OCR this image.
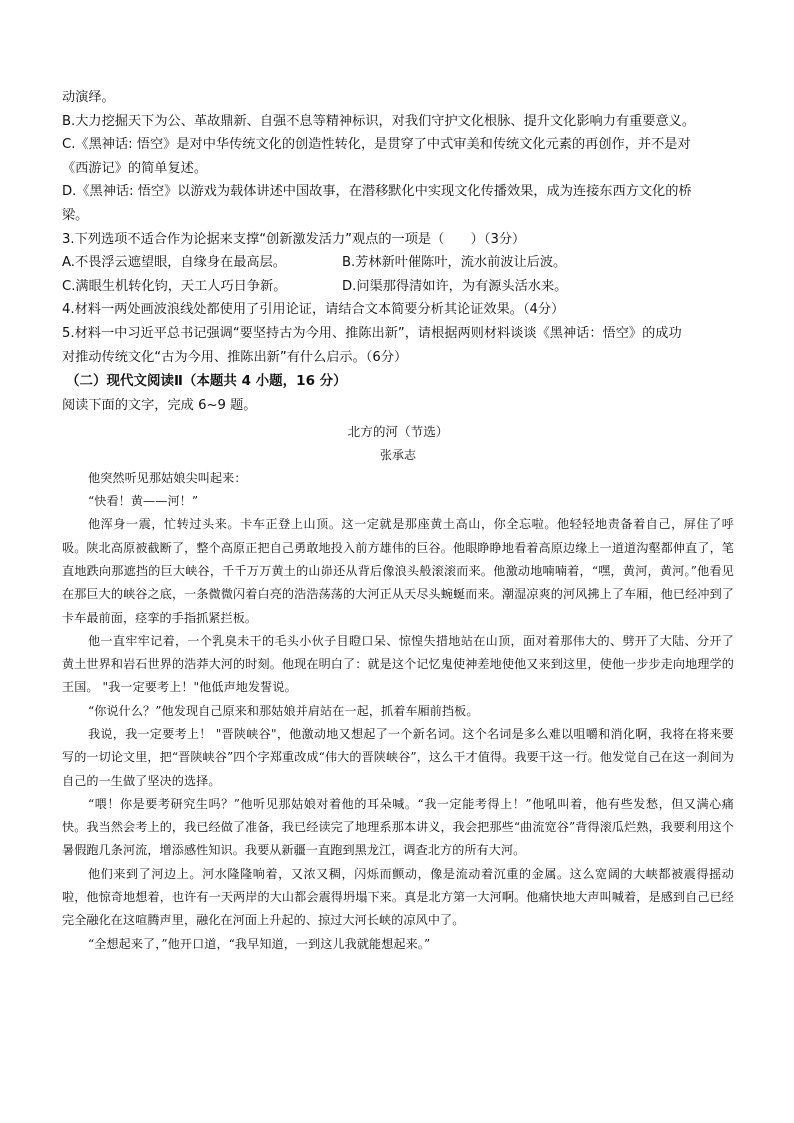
动演绎。

B.大力挖掘天下为公、革故鼎新、自强不息等精神标识，对我们守护文化根脉、提升文化影响力有重要意义。

C.《黑神话: 悟空》是对中华传统文化的创造性转化，是贯穿了中式审美和传统文化元素的再创作，并不是对

《西游记》的简单复述。

D.《黑神话: 悟空》以游戏为载体讲述中国故事，在潜移默化中实现文化传播效果，成为连接东西方文化的桥

梁。

3.下列选项不适合作为论据来支撑“创新激发活力”观点的一项是（　　）（3分）

A.不畏浮云遮望眼，自缘身在最高层。	B.芳林新叶催陈叶，流水前波让后波。
C.满眼生机转化钧，天工人巧日争新。	D.问渠那得清如许，为有源头活水来。

4.材料一两处画波浪线处都使用了引用论证，请结合文本简要分析其论证效果。（4分）

5.材料一中习近平总书记强调“要坚持古为今用、推陈出新”，请根据两则材料谈谈《黑神话：悟空》的成功

对推动传统文化“古为今用、推陈出新”有什么启示。（6分）

（二）现代文阅读Ⅱ（本题共 4 小题，16 分）

阅读下面的文字，完成 6~9 题。

北方的河（节选）

张承志

他突然听见那姑娘尖叫起来：

“快看！黄——河！”

他浑身一震，忙转过头来。卡车正登上山顶。这一定就是那座黄土高山，你全忘啦。他轻轻地责备着自己，屏住了呼吸。陕北高原被截断了，整个高原正把自己勇敢地投入前方雄伟的巨谷。他眼睁睁地看着高原边缘上一道道沟壑都伸直了，笔直地跌向那遮挡的巨大峡谷，千千万万黄土的山峁还从背后像浪头般滚滚而来。他激动地喃喃着，“嘿，黄河，黄河。”他看见在那巨大的峡谷之底，一条微微闪着白亮的浩浩荡荡的大河正从天尽头蜿蜒而来。潮湿凉爽的河风拂上了车厢，他已经冲到了卡车最前面，痉挛的手指抓紧拦板。

他一直牢牢记着，一个乳臭未干的毛头小伙子目瞪口呆、惊惶失措地站在山顶，面对着那伟大的、劈开了大陆、分开了黄土世界和岩石世界的浩莽大河的时刻。他现在明白了：就是这个记忆鬼使神差地使他又来到这里，使他一步步走向地理学的王国。 "我一定要考上！"他低声地发誓说。

“你说什么？”他发现自己原来和那姑娘并肩站在一起，抓着车厢前挡板。

我说，我一定要考上！ "晋陕峡谷"，他激动地又想起了一个新名词。这个名词是多么难以咀嚼和消化啊，我将在将来要写的一切论文里，把“晋陕峡谷”四个字郑重改成“伟大的晋陕峡谷”，这么干才值得。我要干这一行。他发觉自己在这一刹间为自己的一生做了坚决的选择。

“喂！你是要考研究生吗？”他听见那姑娘对着他的耳朵喊。“我一定能考得上！”他吼叫着，他有些发愁，但又满心痛快。我当然会考上的，我已经做了准备，我已经读完了地理系那本讲义，我会把那些“曲流宽谷”背得滚瓜烂熟，我要利用这个暑假跑几条河流，增添感性知识。我要从新疆一直跑到黑龙江，调查北方的所有大河。

他们来到了河边上。河水隆隆响着，又浓又稠，闪烁而颤动，像是流动着沉重的金属。这么宽阔的大峡都被震得摇动啦，他惊奇地想着，也许有一天两岸的大山都会震得坍塌下来。真是北方第一大河啊。他痛快地大声叫喊着，是感到自己已经完全融化在这喧腾声里，融化在河面上升起的、掠过大河长峡的凉风中了。

“全想起来了，”他开口道，“我早知道，一到这儿我就能想起来。”
